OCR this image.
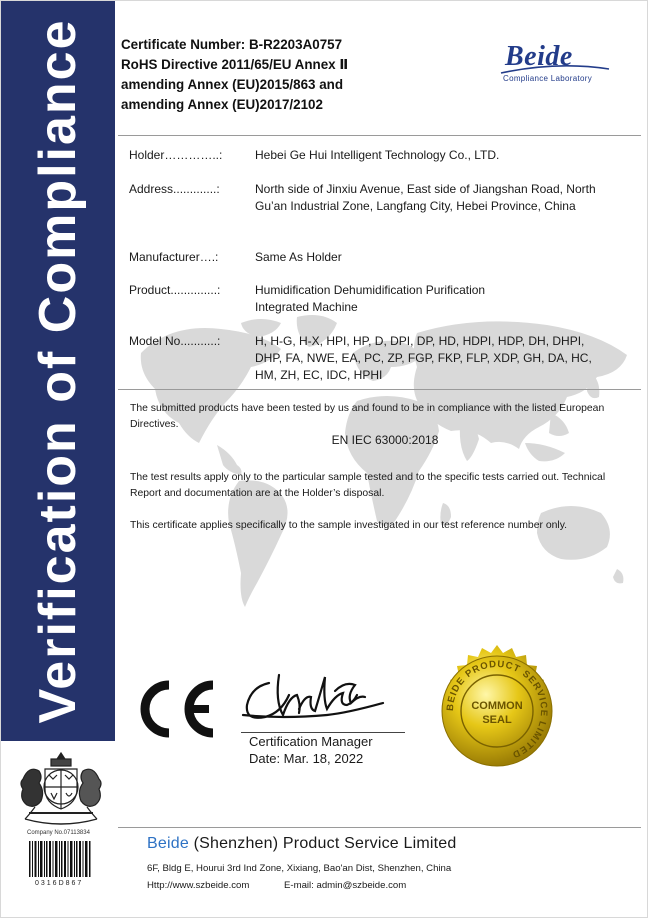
Verification of Compliance
Company No.07113834
0316D867
Certificate Number: B-R2203A0757
RoHS Directive 2011/65/EU Annex Ⅱ
amending Annex (EU)2015/863 and
amending Annex (EU)2017/2102
Beide
Compliance Laboratory
Holder…………..:	Hebei Ge Hui Intelligent Technology Co., LTD.
Address.............:	North side of Jinxiu Avenue, East side of Jiangshan Road, North Gu’an Industrial Zone, Langfang City, Hebei Province, China
Manufacturer….:	Same As Holder
Product..............:	Humidification Dehumidification Purification Integrated Machine
Model No...........:	H, H-G, H-X, HPI, HP, D, DPI, DP, HD, HDPI, HDP, DH, DHPI, DHP, FA, NWE, EA, PC, ZP, FGP, FKP, FLP, XDP, GH, DA, HC, HM, ZH, EC, IDC, HPHI
The submitted products have been tested by us and found to be in compliance with the listed European Directives.
EN IEC 63000:2018
The test results apply only to the particular sample tested and to the specific tests carried out. Technical Report and documentation are at the Holder’s disposal.
This certificate applies specifically to the sample investigated in our test reference number only.
Certification Manager
Date: Mar. 18, 2022
BEIDE PRODUCT SERVICE LIMITED
COMMON
SEAL
Beide (Shenzhen) Product Service Limited
6F, Bldg E, Hourui 3rd Ind Zone, Xixiang, Bao'an Dist, Shenzhen, China
Http://www.szbeide.com	E-mail: admin@szbeide.com
